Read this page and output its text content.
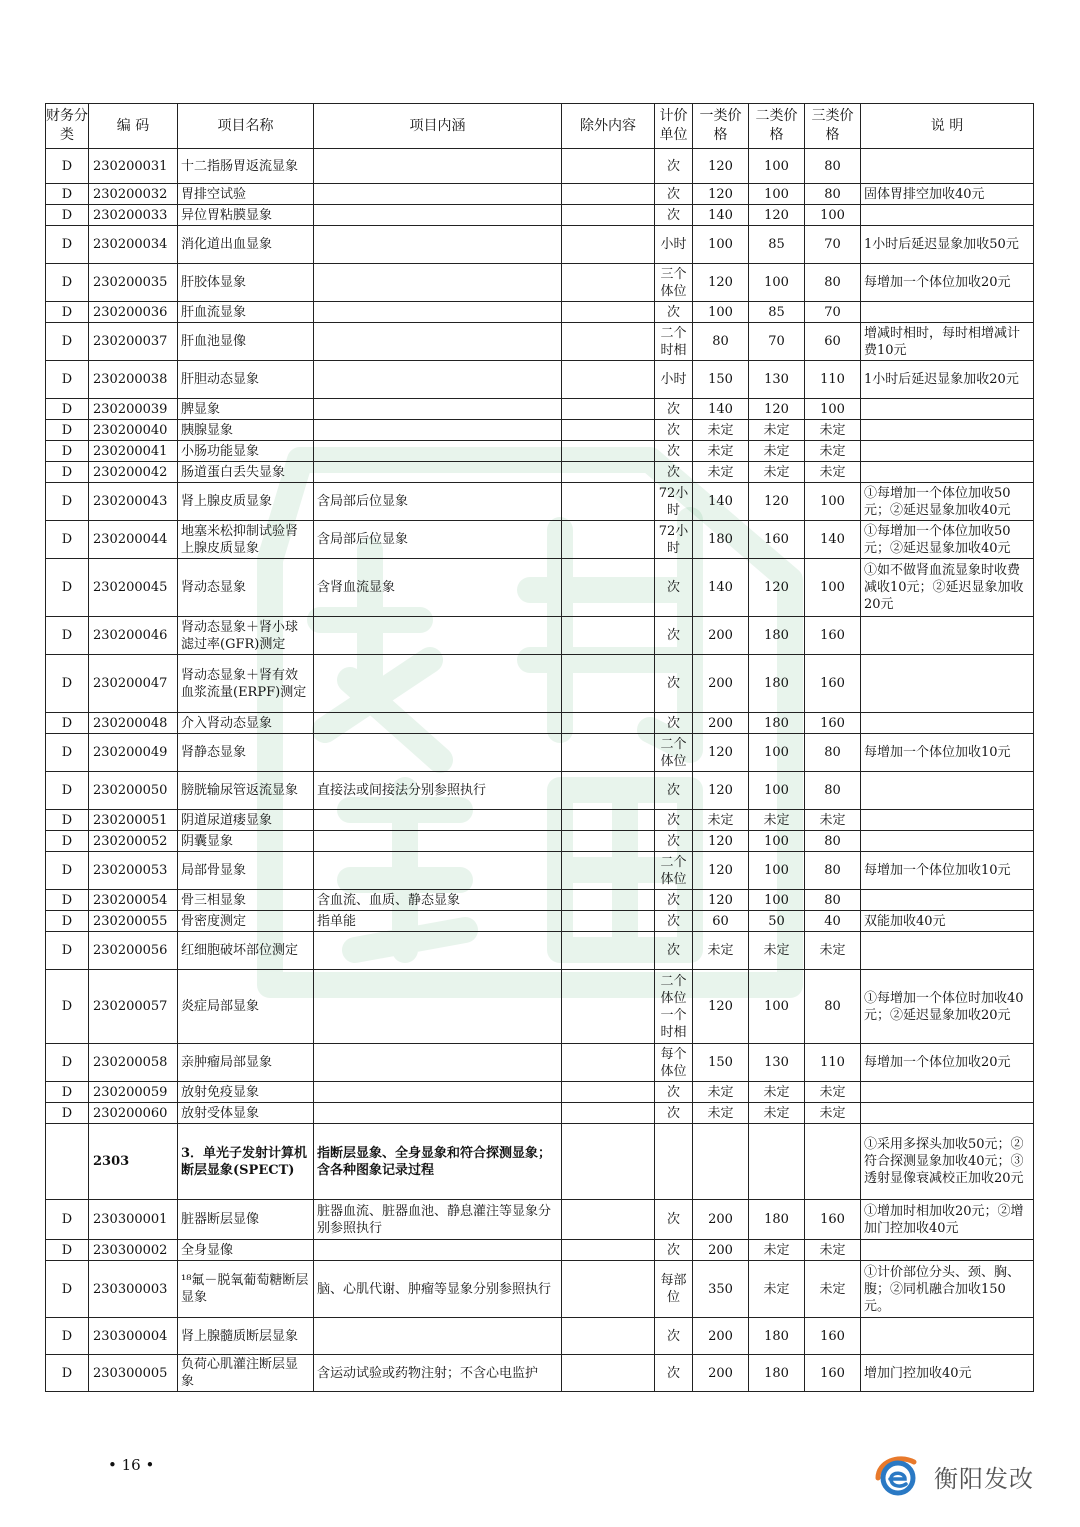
财务分类	编 码	项目名称	项目内涵	除外内容	计价单位	一类价格	二类价格	三类价格	说 明
D	230200031	十二指肠胃返流显象			次	120	100	80	
D	230200032	胃排空试验			次	120	100	80	固体胃排空加收40元
D	230200033	异位胃粘膜显象			次	140	120	100	
D	230200034	消化道出血显象			小时	100	85	70	1小时后延迟显象加收50元
D	230200035	肝胶体显象			三个体位	120	100	80	每增加一个体位加收20元
D	230200036	肝血流显象			次	100	85	70	
D	230200037	肝血池显像			二个时相	80	70	60	增减时相时，每时相增减计费10元
D	230200038	肝胆动态显象			小时	150	130	110	1小时后延迟显象加收20元
D	230200039	脾显象			次	140	120	100	
D	230200040	胰腺显象			次	未定	未定	未定	
D	230200041	小肠功能显象			次	未定	未定	未定	
D	230200042	肠道蛋白丢失显象			次	未定	未定	未定	
D	230200043	肾上腺皮质显象	含局部后位显象		72小时	140	120	100	①每增加一个体位加收50元；②延迟显象加收40元
D	230200044	地塞米松抑制试验肾上腺皮质显象	含局部后位显象		72小时	180	160	140	①每增加一个体位加收50元；②延迟显象加收40元
D	230200045	肾动态显象	含肾血流显象		次	140	120	100	①如不做肾血流显象时收费减收10元；②延迟显象加收20元
D	230200046	肾动态显象＋肾小球滤过率(GFR)测定			次	200	180	160	
D	230200047	肾动态显象＋肾有效血浆流量(ERPF)测定			次	200	180	160	
D	230200048	介入肾动态显象			次	200	180	160	
D	230200049	肾静态显象			二个体位	120	100	80	每增加一个体位加收10元
D	230200050	膀胱输尿管返流显象	直接法或间接法分别参照执行		次	120	100	80	
D	230200051	阴道尿道瘘显象			次	未定	未定	未定	
D	230200052	阴囊显象			次	120	100	80	
D	230200053	局部骨显象			二个体位	120	100	80	每增加一个体位加收10元
D	230200054	骨三相显象	含血流、血质、静态显象		次	120	100	80	
D	230200055	骨密度测定	指单能		次	60	50	40	双能加收40元
D	230200056	红细胞破坏部位测定			次	未定	未定	未定	
D	230200057	炎症局部显象			二个体位一个时相	120	100	80	①每增加一个体位时加收40元；②延迟显象加收20元
D	230200058	亲肿瘤局部显象			每个体位	150	130	110	每增加一个体位加收20元
D	230200059	放射免疫显象			次	未定	未定	未定	
D	230200060	放射受体显象			次	未定	未定	未定	
	2303	3．单光子发射计算机断层显象(SPECT)	指断层显象、全身显象和符合探测显象；含各种图象记录过程						①采用多探头加收50元；②符合探测显象加收40元；③透射显像衰减校正加收20元
D	230300001	脏器断层显像	脏器血流、脏器血池、静息灌注等显象分别参照执行		次	200	180	160	①增加时相加收20元；②增加门控加收40元
D	230300002	全身显像			次	200	未定	未定	
D	230300003	¹⁸氟－脱氧葡萄糖断层显象	脑、心肌代谢、肿瘤等显象分别参照执行		每部位	350	未定	未定	①计价部位分头、颈、胸、腹；②同机融合加收150元。
D	230300004	肾上腺髓质断层显象			次	200	180	160	
D	230300005	负荷心肌灌注断层显象	含运动试验或药物注射；不含心电监护		次	200	180	160	增加门控加收40元
• 16 •	衡阳发改
